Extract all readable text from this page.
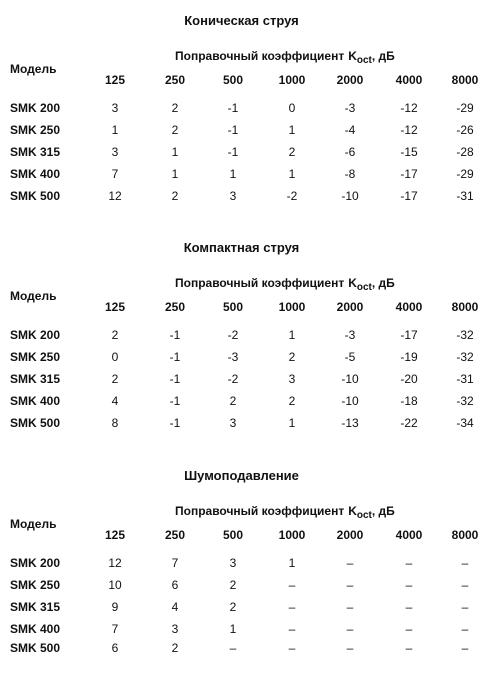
Коническая струя
Модель
Поправочный коэффициент $K_{oct}$, дБ
125	250	500	1000	2000	4000	8000
SMK 200	3	2	-1	0	-3	-12	-29
SMK 250	1	2	-1	1	-4	-12	-26
SMK 315	3	1	-1	2	-6	-15	-28
SMK 400	7	1	1	1	-8	-17	-29
SMK 500	12	2	3	-2	-10	-17	-31
Компактная струя
Модель
Поправочный коэффициент $K_{oct}$, дБ
125	250	500	1000	2000	4000	8000
SMK 200	2	-1	-2	1	-3	-17	-32
SMK 250	0	-1	-3	2	-5	-19	-32
SMK 315	2	-1	-2	3	-10	-20	-31
SMK 400	4	-1	2	2	-10	-18	-32
SMK 500	8	-1	3	1	-13	-22	-34
Шумоподавление
Модель
Поправочный коэффициент $K_{oct}$, дБ
125	250	500	1000	2000	4000	8000
SMK 200	12	7	3	1	–	–	–
SMK 250	10	6	2	–	–	–	–
SMK 315	9	4	2	–	–	–	–
SMK 400	7	3	1	–	–	–	–
SMK 500	6	2	–	–	–	–	–
